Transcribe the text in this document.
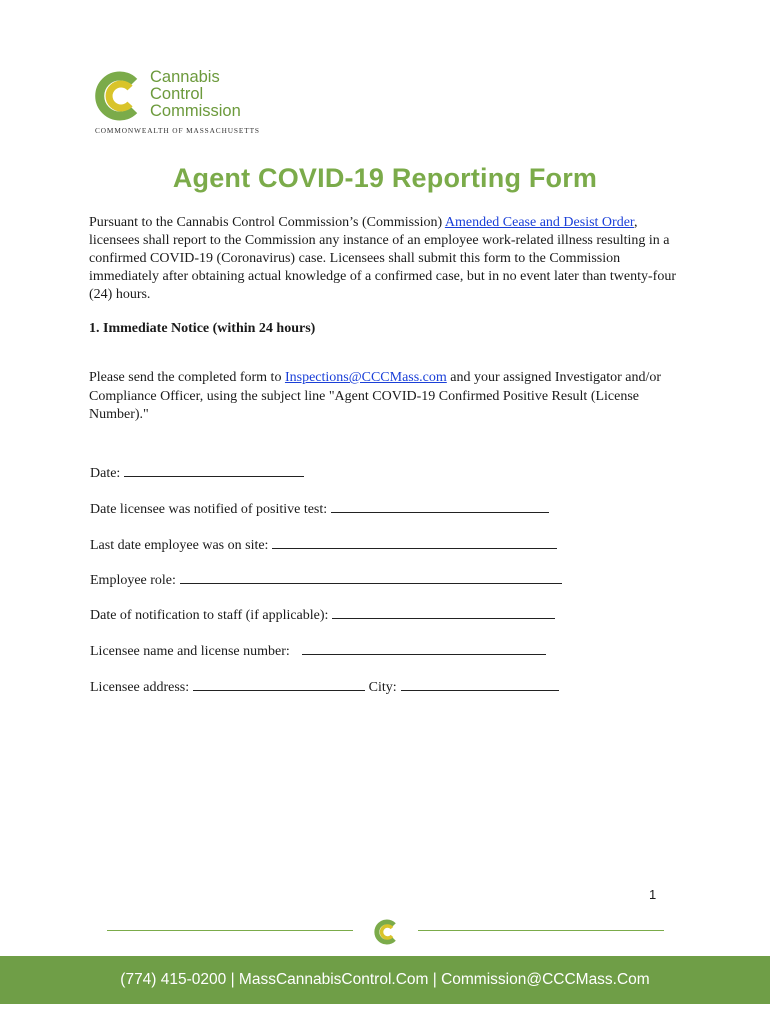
Cannabis
Control
Commission
COMMONWEALTH OF MASSACHUSETTS
Agent COVID-19 Reporting Form
Pursuant to the Cannabis Control Commission’s (Commission) Amended Cease and Desist Order, licensees shall report to the Commission any instance of an employee work-related illness resulting in a confirmed COVID-19 (Coronavirus) case. Licensees shall submit this form to the Commission immediately after obtaining actual knowledge of a confirmed case, but in no event later than twenty-four (24) hours.
1. Immediate Notice (within 24 hours)
Please send the completed form to Inspections@CCCMass.com and your assigned Investigator and/or Compliance Officer, using the subject line "Agent COVID-19 Confirmed Positive Result (License Number)."
Date:
Date licensee was notified of positive test:
Last date employee was on site:
Employee role:
Date of notification to staff (if applicable):
Licensee name and license number:
Licensee address:	City:
1
(774) 415-0200 | MassCannabisControl.Com | Commission@CCCMass.Com
